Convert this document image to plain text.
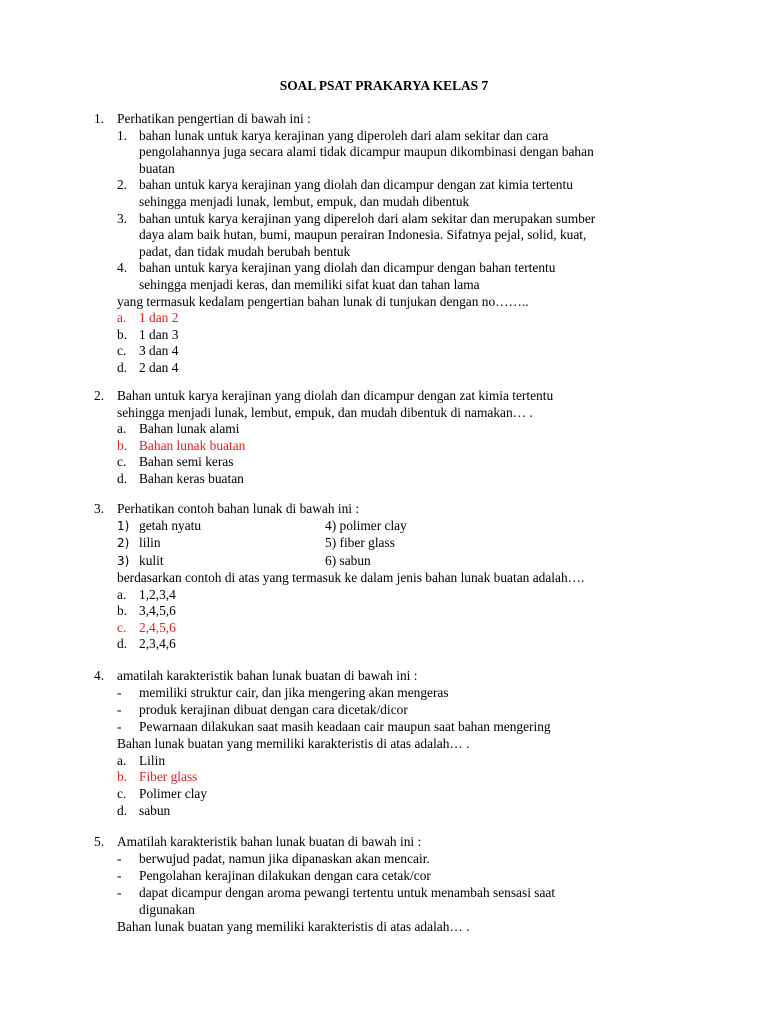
SOAL PSAT PRAKARYA KELAS 7
1. Perhatikan pengertian di bawah ini :
1. bahan lunak untuk karya kerajinan yang diperoleh dari alam sekitar dan cara
pengolahannya juga secara alami tidak dicampur maupun dikombinasi dengan bahan
buatan
2. bahan untuk karya kerajinan yang diolah dan dicampur dengan zat kimia tertentu
sehingga menjadi lunak, lembut, empuk, dan mudah dibentuk
3. bahan untuk karya kerajinan yang dipereloh dari alam sekitar dan merupakan sumber
daya alam baik hutan, bumi, maupun perairan Indonesia. Sifatnya pejal, solid, kuat,
padat, dan tidak mudah berubah bentuk
4. bahan untuk karya kerajinan yang diolah dan dicampur dengan bahan tertentu
sehingga menjadi keras, dan memiliki sifat kuat dan tahan lama
yang termasuk kedalam pengertian bahan lunak di tunjukan dengan no……..
a. 1 dan 2
b. 1 dan 3
c. 3 dan 4
d. 2 dan 4
2. Bahan untuk karya kerajinan yang diolah dan dicampur dengan zat kimia tertentu
sehingga menjadi lunak, lembut, empuk, dan mudah dibentuk di namakan… .
a. Bahan lunak alami
b. Bahan lunak buatan
c. Bahan semi keras
d. Bahan keras buatan
3. Perhatikan contoh bahan lunak di bawah ini :
1) getah nyatu	4) polimer clay
2) lilin	5) fiber glass
3) kulit	6) sabun
berdasarkan contoh di atas yang termasuk ke dalam jenis bahan lunak buatan adalah….
a. 1,2,3,4
b. 3,4,5,6
c. 2,4,5,6
d. 2,3,4,6
4. amatilah karakteristik bahan lunak buatan di bawah ini :
- memiliki struktur cair, dan jika mengering akan mengeras
- produk kerajinan dibuat dengan cara dicetak/dicor
- Pewarnaan dilakukan saat masih keadaan cair maupun saat bahan mengering
Bahan lunak buatan yang memiliki karakteristis di atas adalah… .
a. Lilin
b. Fiber glass
c. Polimer clay
d. sabun
5. Amatilah karakteristik bahan lunak buatan di bawah ini :
- berwujud padat, namun jika dipanaskan akan mencair.
- Pengolahan kerajinan dilakukan dengan cara cetak/cor
- dapat dicampur dengan aroma pewangi tertentu untuk menambah sensasi saat
digunakan
Bahan lunak buatan yang memiliki karakteristis di atas adalah… .
